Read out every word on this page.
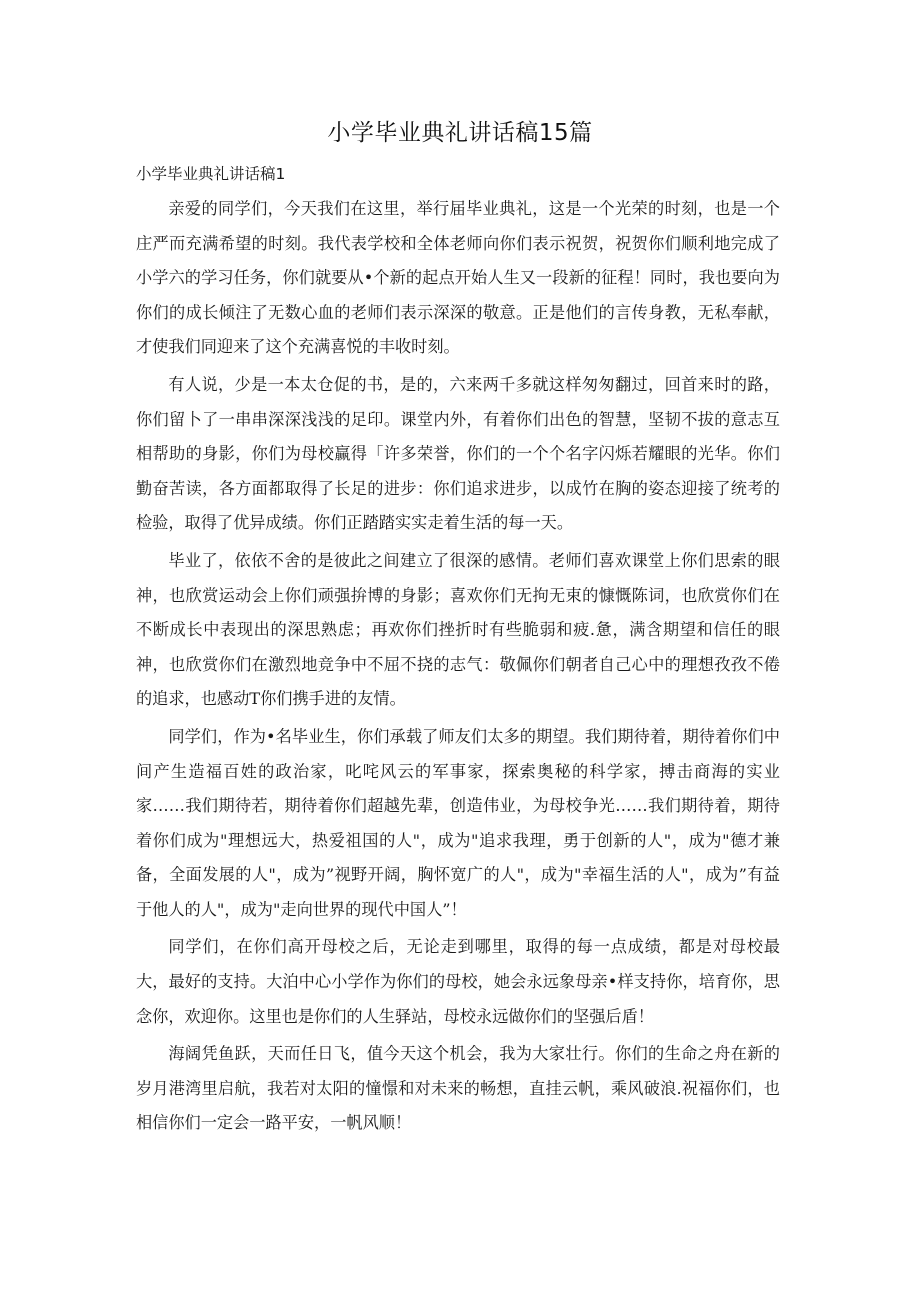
小学毕业典礼讲话稿15篇
小学毕业典礼讲话稿1

亲爱的同学们，今天我们在这里，举行届毕业典礼，这是一个光荣的时刻，也是一个庄严而充满希望的时刻。我代表学校和全体老师向你们表示祝贺，祝贺你们顺利地完成了小学六的学习任务，你们就要从•个新的起点开始人生又一段新的征程！同时，我也要向为你们的成长倾注了无数心血的老师们表示深深的敬意。正是他们的言传身教，无私奉献，才使我们同迎来了这个充满喜悦的丰收时刻。

有人说，少是一本太仓促的书，是的，六来两千多就这样匆匆翻过，回首来时的路，你们留卜了一串串深深浅浅的足印。课堂内外，有着你们出色的智慧，坚韧不拔的意志互相帮助的身影，你们为母校赢得「许多荣誉，你们的一个个名字闪烁若耀眼的光华。你们勤奋苦读，各方面都取得了长足的进步：你们追求进步，以成竹在胸的姿态迎接了统考的检验，取得了优异成绩。你们正踏踏实实走着生活的每一天。

毕业了，依依不舍的是彼此之间建立了很深的感情。老师们喜欢课堂上你们思索的眼神，也欣赏运动会上你们顽强拚博的身影；喜欢你们无拘无束的慷慨陈词，也欣赏你们在不断成长中表现出的深思熟虑；再欢你们挫折时有些脆弱和疲.惫，满含期望和信任的眼神，也欣赏你们在激烈地竞争中不屈不挠的志气：敬佩你们朝者自己心中的理想孜孜不倦的追求，也感动T你们携手进的友情。

同学们，作为•名毕业生，你们承载了师友们太多的期望。我们期待着，期待着你们中间产生造福百姓的政治家，叱咤风云的军事家，探索奥秘的科学家，搏击商海的实业家……我们期待若，期待着你们超越先辈，创造伟业，为母校争光……我们期待着，期待着你们成为"理想远大，热爱祖国的人"，成为"追求我理，勇于创新的人"，成为"德才兼备，全面发展的人"，成为”视野开阔，胸怀宽广的人"，成为"幸福生活的人"，成为”有益于他人的人"，成为"走向世界的现代中国人”！

同学们，在你们高开母校之后，无论走到哪里，取得的每一点成绩，都是对母校最大，最好的支持。大泊中心小学作为你们的母校，她会永远象母亲•样支持你，培育你，思念你，欢迎你。这里也是你们的人生驿站，母校永远做你们的坚强后盾！

海阔凭鱼跃，天而任日飞，值今天这个机会，我为大家壮行。你们的生命之舟在新的岁月港湾里启航，我若对太阳的憧憬和对未来的畅想，直挂云帆，乘风破浪.祝福你们，也相信你们一定会一路平安，一帆风顺！
